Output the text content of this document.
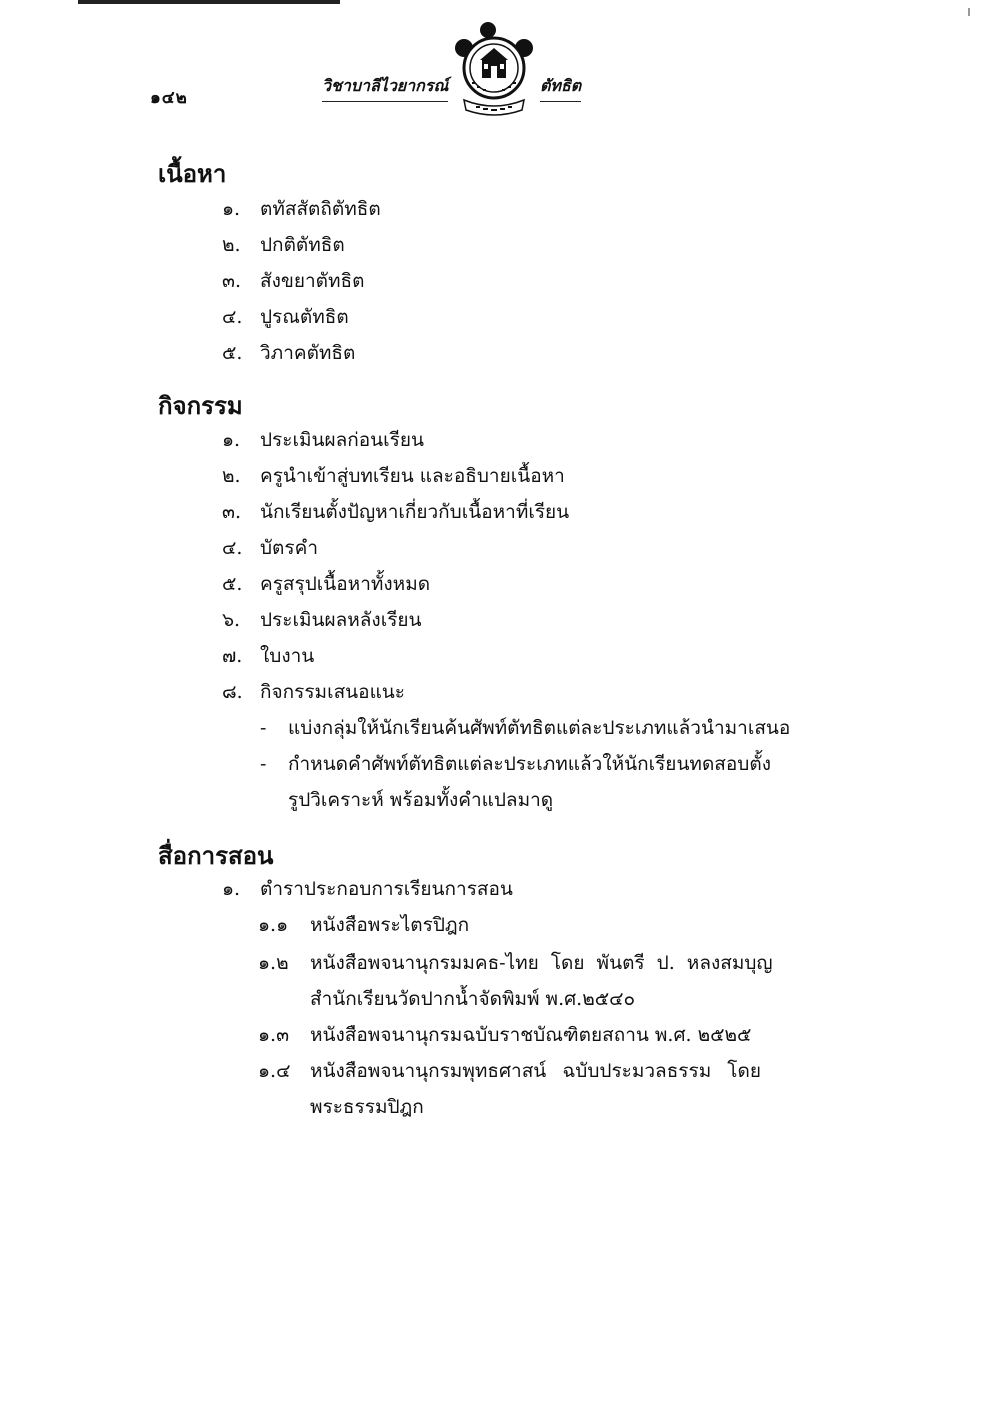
๑๔๒
วิชาบาลีไวยากรณ์	ตัทธิต
เนื้อหา
๑. ตทัสสัตถิตัทธิต
๒. ปกติตัทธิต
๓. สังขยาตัทธิต
๔. ปูรณตัทธิต
๕. วิภาคตัทธิต
กิจกรรม
๑. ประเมินผลก่อนเรียน
๒. ครูนำเข้าสู่บทเรียน และอธิบายเนื้อหา
๓. นักเรียนตั้งปัญหาเกี่ยวกับเนื้อหาที่เรียน
๔. บัตรคำ
๕. ครูสรุปเนื้อหาทั้งหมด
๖. ประเมินผลหลังเรียน
๗. ใบงาน
๘. กิจกรรมเสนอแนะ
- แบ่งกลุ่มให้นักเรียนค้นศัพท์ตัทธิตแต่ละประเภทแล้วนำมาเสนอ
- กำหนดคำศัพท์ตัทธิตแต่ละประเภทแล้วให้นักเรียนทดสอบตั้ง
รูปวิเคราะห์ พร้อมทั้งคำแปลมาดู
สื่อการสอน
๑. ตำราประกอบการเรียนการสอน
๑.๑ หนังสือพระไตรปิฎก
๑.๒ หนังสือพจนานุกรมมคธ-ไทย โดย พันตรี ป. หลงสมบุญ
สำนักเรียนวัดปากน้ำจัดพิมพ์ พ.ศ.๒๕๔๐
๑.๓ หนังสือพจนานุกรมฉบับราชบัณฑิตยสถาน พ.ศ. ๒๕๒๕
๑.๔ หนังสือพจนานุกรมพุทธศาสน์ ฉบับประมวลธรรม โดย
พระธรรมปิฎก
